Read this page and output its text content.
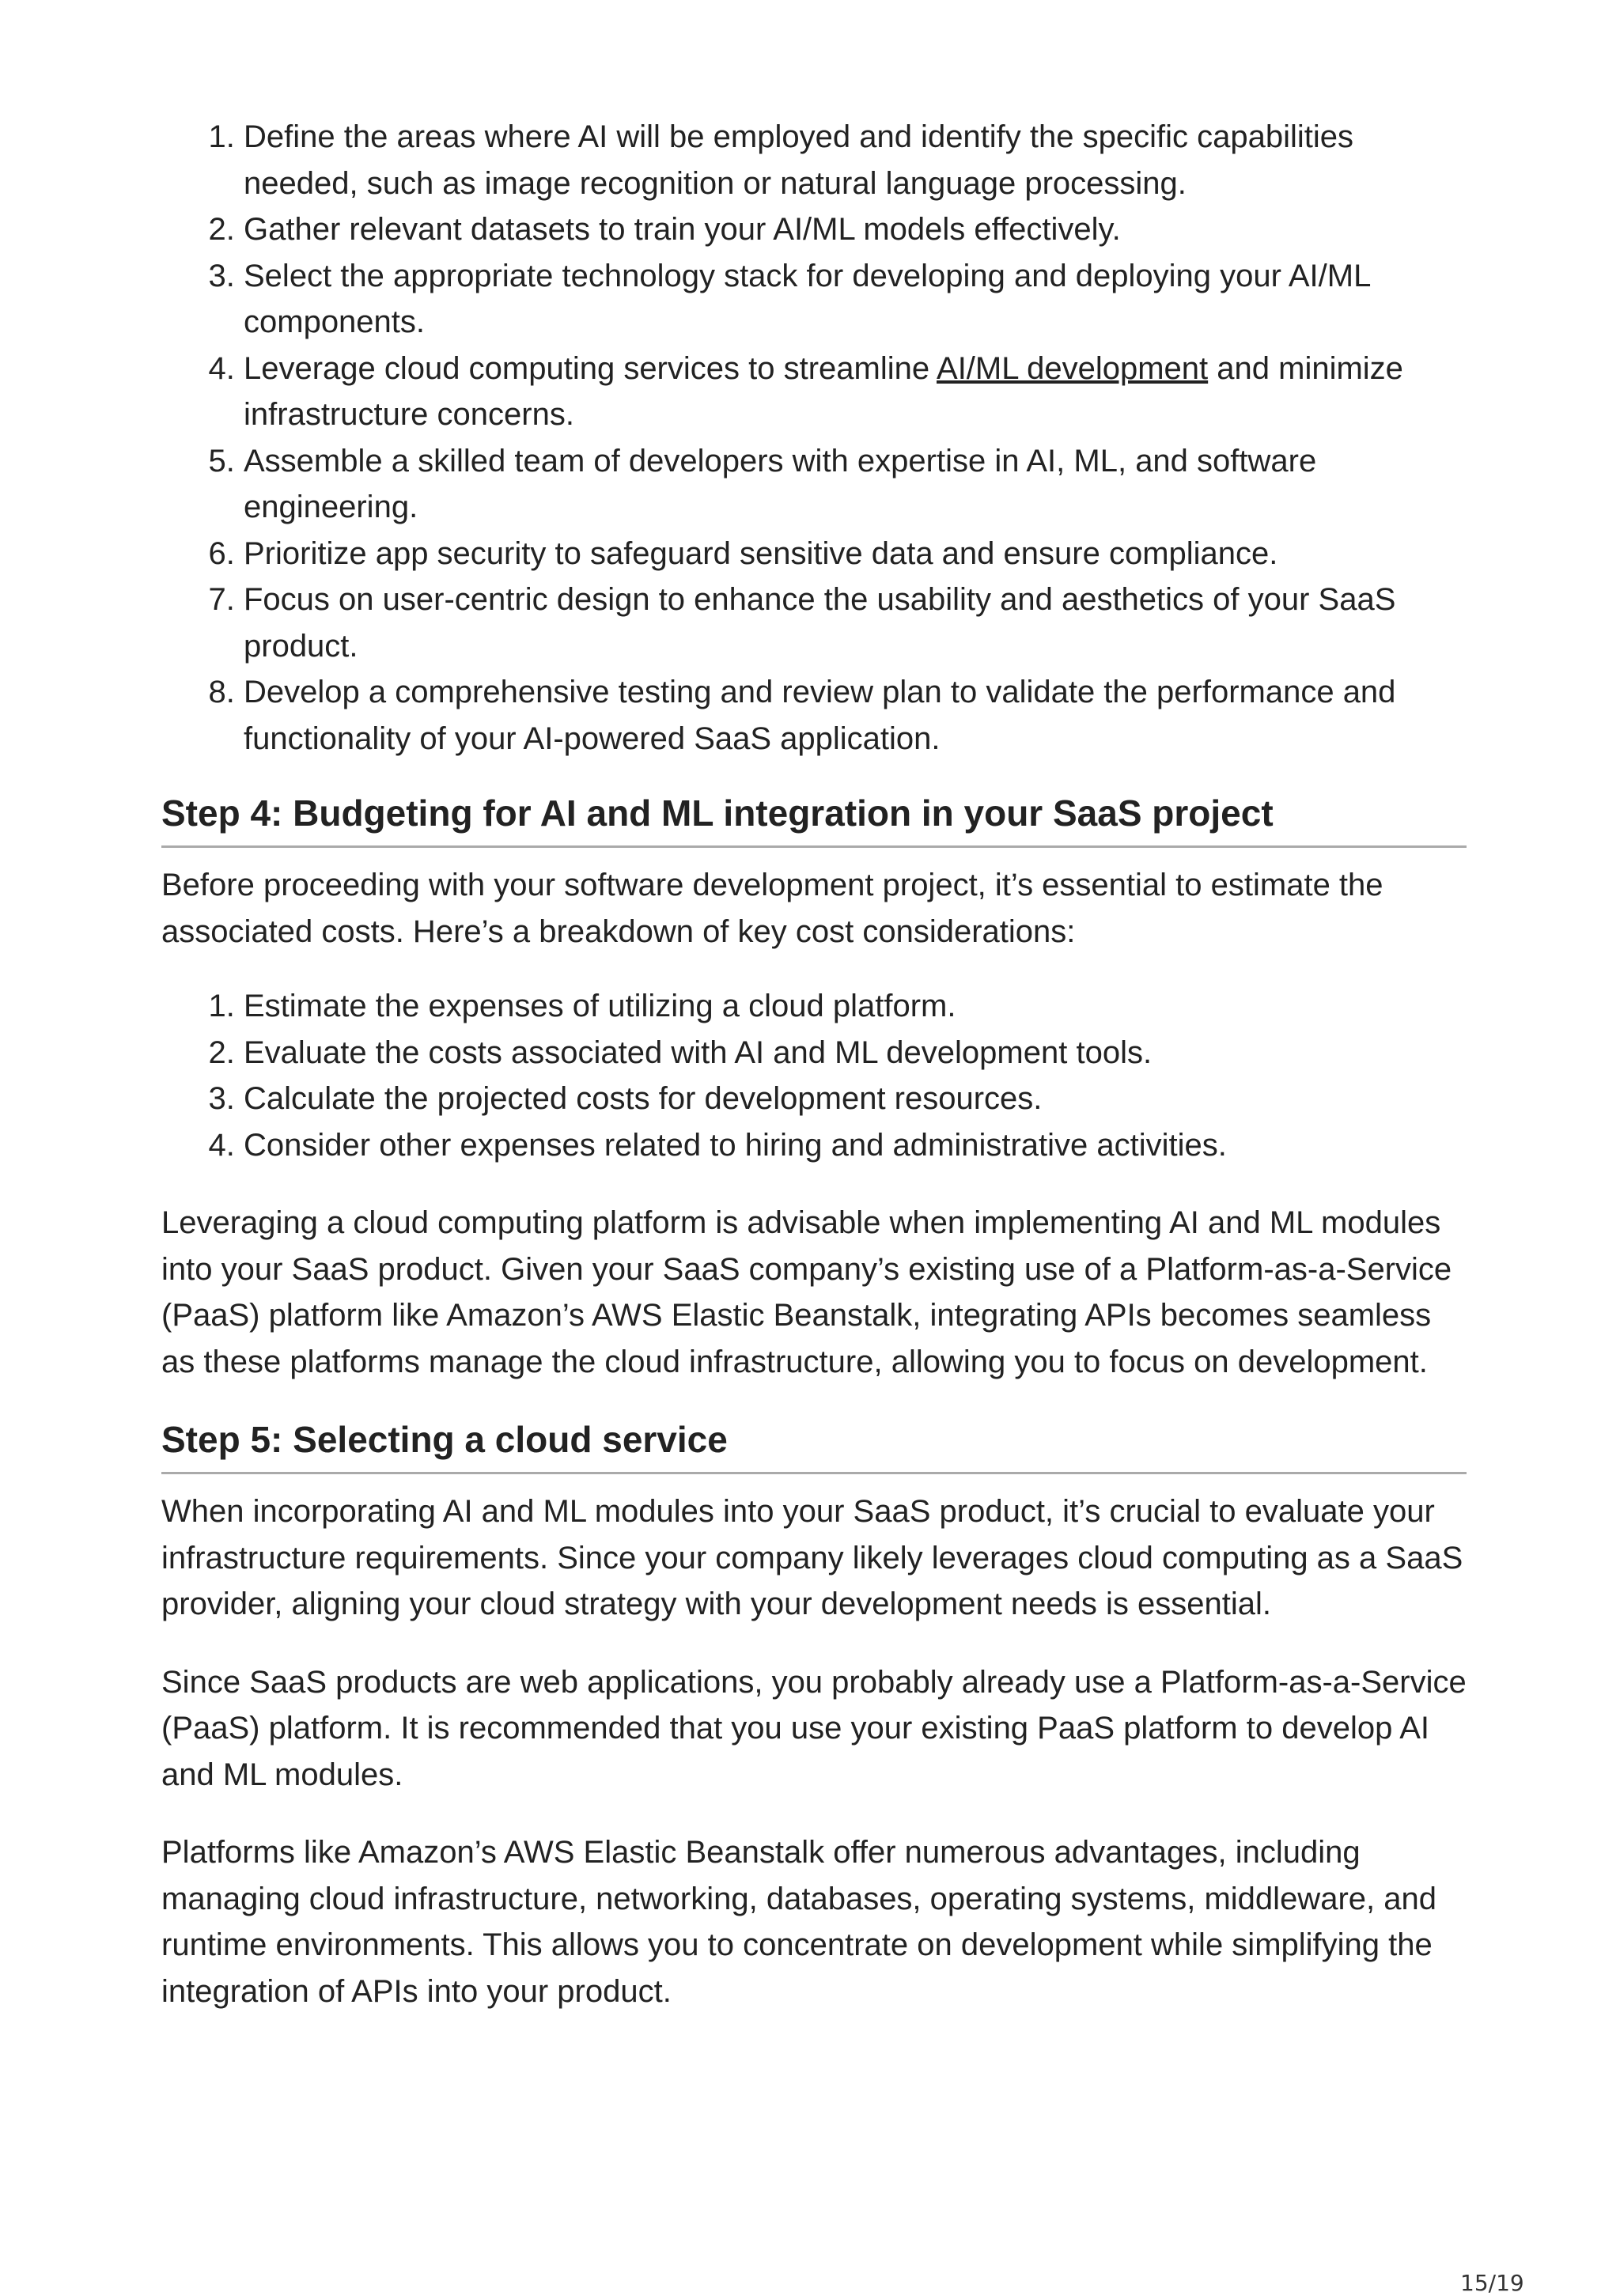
1. Define the areas where AI will be employed and identify the specific capabilities needed, such as image recognition or natural language processing.
2. Gather relevant datasets to train your AI/ML models effectively.
3. Select the appropriate technology stack for developing and deploying your AI/ML components.
4. Leverage cloud computing services to streamline AI/ML development and minimize infrastructure concerns.
5. Assemble a skilled team of developers with expertise in AI, ML, and software engineering.
6. Prioritize app security to safeguard sensitive data and ensure compliance.
7. Focus on user-centric design to enhance the usability and aesthetics of your SaaS product.
8. Develop a comprehensive testing and review plan to validate the performance and functionality of your AI-powered SaaS application.
Step 4: Budgeting for AI and ML integration in your SaaS project

Before proceeding with your software development project, it’s essential to estimate the associated costs. Here’s a breakdown of key cost considerations:

1. Estimate the expenses of utilizing a cloud platform.
2. Evaluate the costs associated with AI and ML development tools.
3. Calculate the projected costs for development resources.
4. Consider other expenses related to hiring and administrative activities.

Leveraging a cloud computing platform is advisable when implementing AI and ML modules into your SaaS product. Given your SaaS company’s existing use of a Platform-as-a-Service (PaaS) platform like Amazon’s AWS Elastic Beanstalk, integrating APIs becomes seamless as these platforms manage the cloud infrastructure, allowing you to focus on development.

Step 5: Selecting a cloud service

When incorporating AI and ML modules into your SaaS product, it’s crucial to evaluate your infrastructure requirements. Since your company likely leverages cloud computing as a SaaS provider, aligning your cloud strategy with your development needs is essential.

Since SaaS products are web applications, you probably already use a Platform-as-a-Service (PaaS) platform. It is recommended that you use your existing PaaS platform to develop AI and ML modules.

Platforms like Amazon’s AWS Elastic Beanstalk offer numerous advantages, including managing cloud infrastructure, networking, databases, operating systems, middleware, and runtime environments. This allows you to concentrate on development while simplifying the integration of APIs into your product.

15/19
